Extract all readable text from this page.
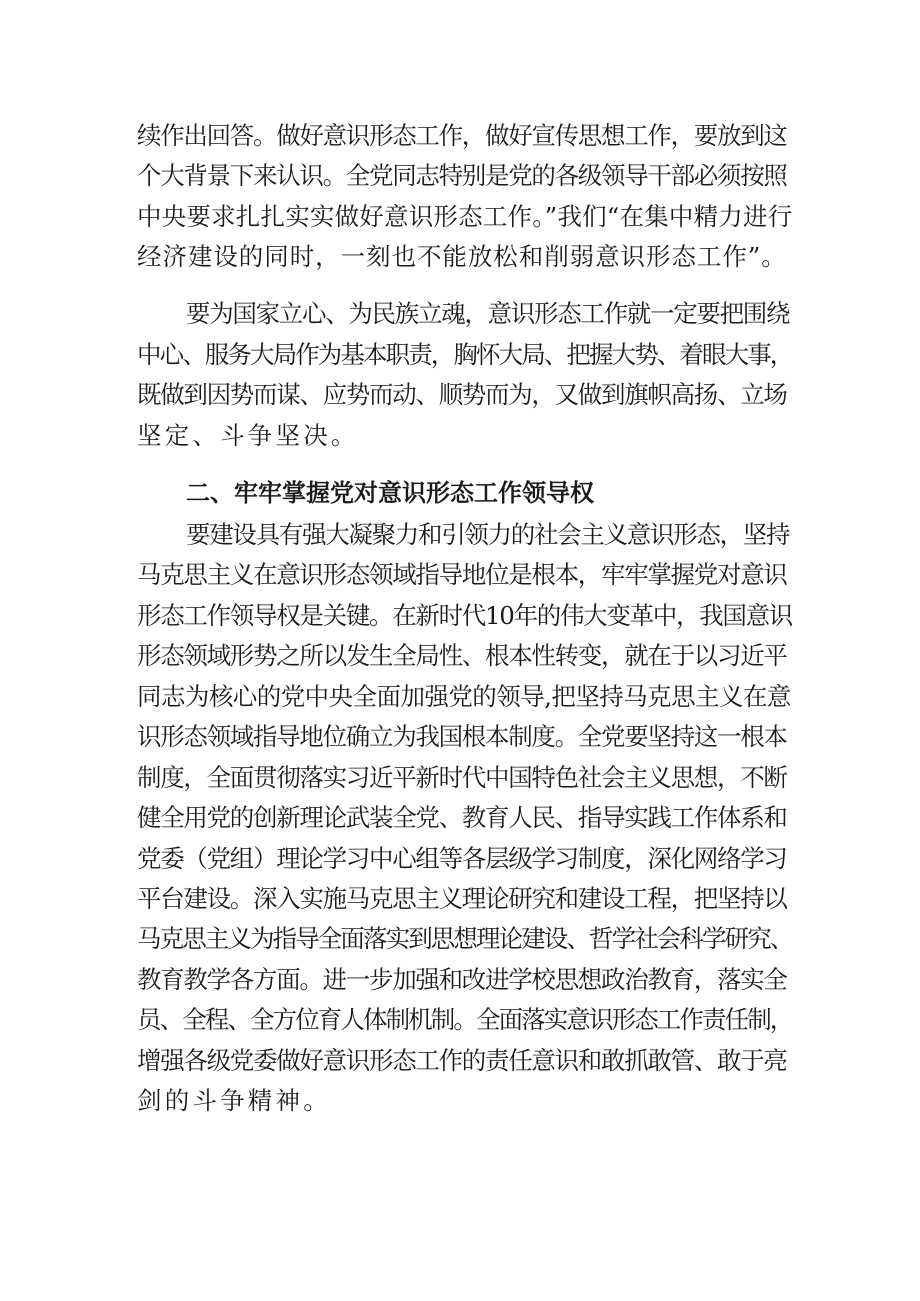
续作出回答。做好意识形态工作，做好宣传思想工作，要放到这
个大背景下来认识。全党同志特别是党的各级领导干部必须按照
中央要求扎扎实实做好意识形态工作。”我们“在集中精力进行
经济建设的同时，一刻也不能放松和削弱意识形态工作”。
要为国家立心、为民族立魂，意识形态工作就一定要把围绕
中心、服务大局作为基本职责，胸怀大局、把握大势、着眼大事，
既做到因势而谋、应势而动、顺势而为，又做到旗帜高扬、立场
坚定、斗争坚决。
二、牢牢掌握党对意识形态工作领导权
要建设具有强大凝聚力和引领力的社会主义意识形态，坚持
马克思主义在意识形态领域指导地位是根本，牢牢掌握党对意识
形态工作领导权是关键。在新时代10年的伟大变革中，我国意识
形态领域形势之所以发生全局性、根本性转变，就在于以习近平
同志为核心的党中央全面加强党的领导,把坚持马克思主义在意
识形态领域指导地位确立为我国根本制度。全党要坚持这一根本
制度，全面贯彻落实习近平新时代中国特色社会主义思想，不断
健全用党的创新理论武装全党、教育人民、指导实践工作体系和
党委（党组）理论学习中心组等各层级学习制度，深化网络学习
平台建设。深入实施马克思主义理论研究和建设工程，把坚持以
马克思主义为指导全面落实到思想理论建设、哲学社会科学研究、
教育教学各方面。进一步加强和改进学校思想政治教育，落实全
员、全程、全方位育人体制机制。全面落实意识形态工作责任制，
增强各级党委做好意识形态工作的责任意识和敢抓敢管、敢于亮
剑的斗争精神。
